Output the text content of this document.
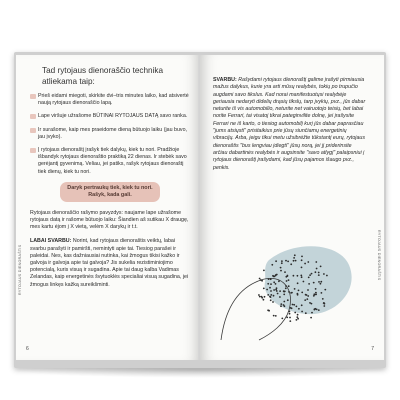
Tad rytojaus dienoraščio technika atliekama taip:
Prieš eidami miegoti, skirkite dvi–tris minutes laiko, kad atsivertė naują rytojaus dienoraščio lapą.
Lape viršuje užrašome BŪTINAI RYTOJAUS DATĄ savo ranka.
Ir surašome, kaip mes praeidome dieną būtuojo laiku (jau buvo, jau įvyko).
Į rytojaus dienoraštį įrašyk tiek dalykų, kiek tu nori. Pradžioje išbandyk rytojaus dienoraštio praktiką 22 dienas. Ir stebėk savo gerėjantį gyvenimą. Veliau, jei patiks, rašyk rytojaus dienoraštį tiek dienų, kiek tu nori.
Daryk pertraukų tiek, kiek tu nori. Rašyk, kada gali.
Rytojaus dienoraščio rašymo pavyzdys: naujame lape užrašome rytojaus datą ir rašome būtuojo laiku: Šiandien aš sutikau X draugę, mes kartu ėjom į X vietą, velėm X darykų ir t.t.
LABAI SVARBU: Norint, kad rytojaus dienoraštis veiktų, labai svarbu parašyti ir pamiršti, nemintyti apie tai. Tiesiog parašei ir paleidai. Nes, kas dažniausiai nutinka, kai žmogus tikisi kažko ir galvoja ir galvoja apie tai galvoja? Jis sukelia rezistiminiojimo potencialą, kuris visuą ir sugadina. Apie tai daug kalba Vadimas Zelandas, kaip energetinės švytuoklės specialiai visuą sugadina, jei žmogus linkęs kažką sureikšminti.
RYTOJAUS DIENORAŠTIS
6
SVARBU: Rašydami rytojaus dienoraštį galime įrašyti pirmiausia mažus dalykus, kurie yra arti mūsų realybės, tokių po trupučio augdami savo tikslus. Kad norai manifestuotųsi realybėje geriausia nedaryti didelių drąsių tikslų, tarp jvykių, pvz., jūs dabar neturite iš vis automobilio, neturite net vairuotojo teisių, bet labai norite Ferrari, tai visatoj tikrai pateginvilite dolnę, jei įrašysite Ferrari ne iš karto, o tiesiog automobilį kurį jūs dabar paprasčiau "jums atsiųsti" prisitaikius prie jūsų siunčiamų energetinių vibracijų. Arba, jeigu tikui metu užsibrėžte tūkstantį eurų, rytojaus dienoraštis "bus lengviau įdiegti" jūsų norą, jei jį priderinsite arčiau dabartinės realybės ir augsinsite "savo atlygį" palaipsniui į rytojaus dienoraštį įrašydami, kad jūsų pajamos išaugo pvz., penkis.
RYTOJAUS DIENORAŠTIS
7
